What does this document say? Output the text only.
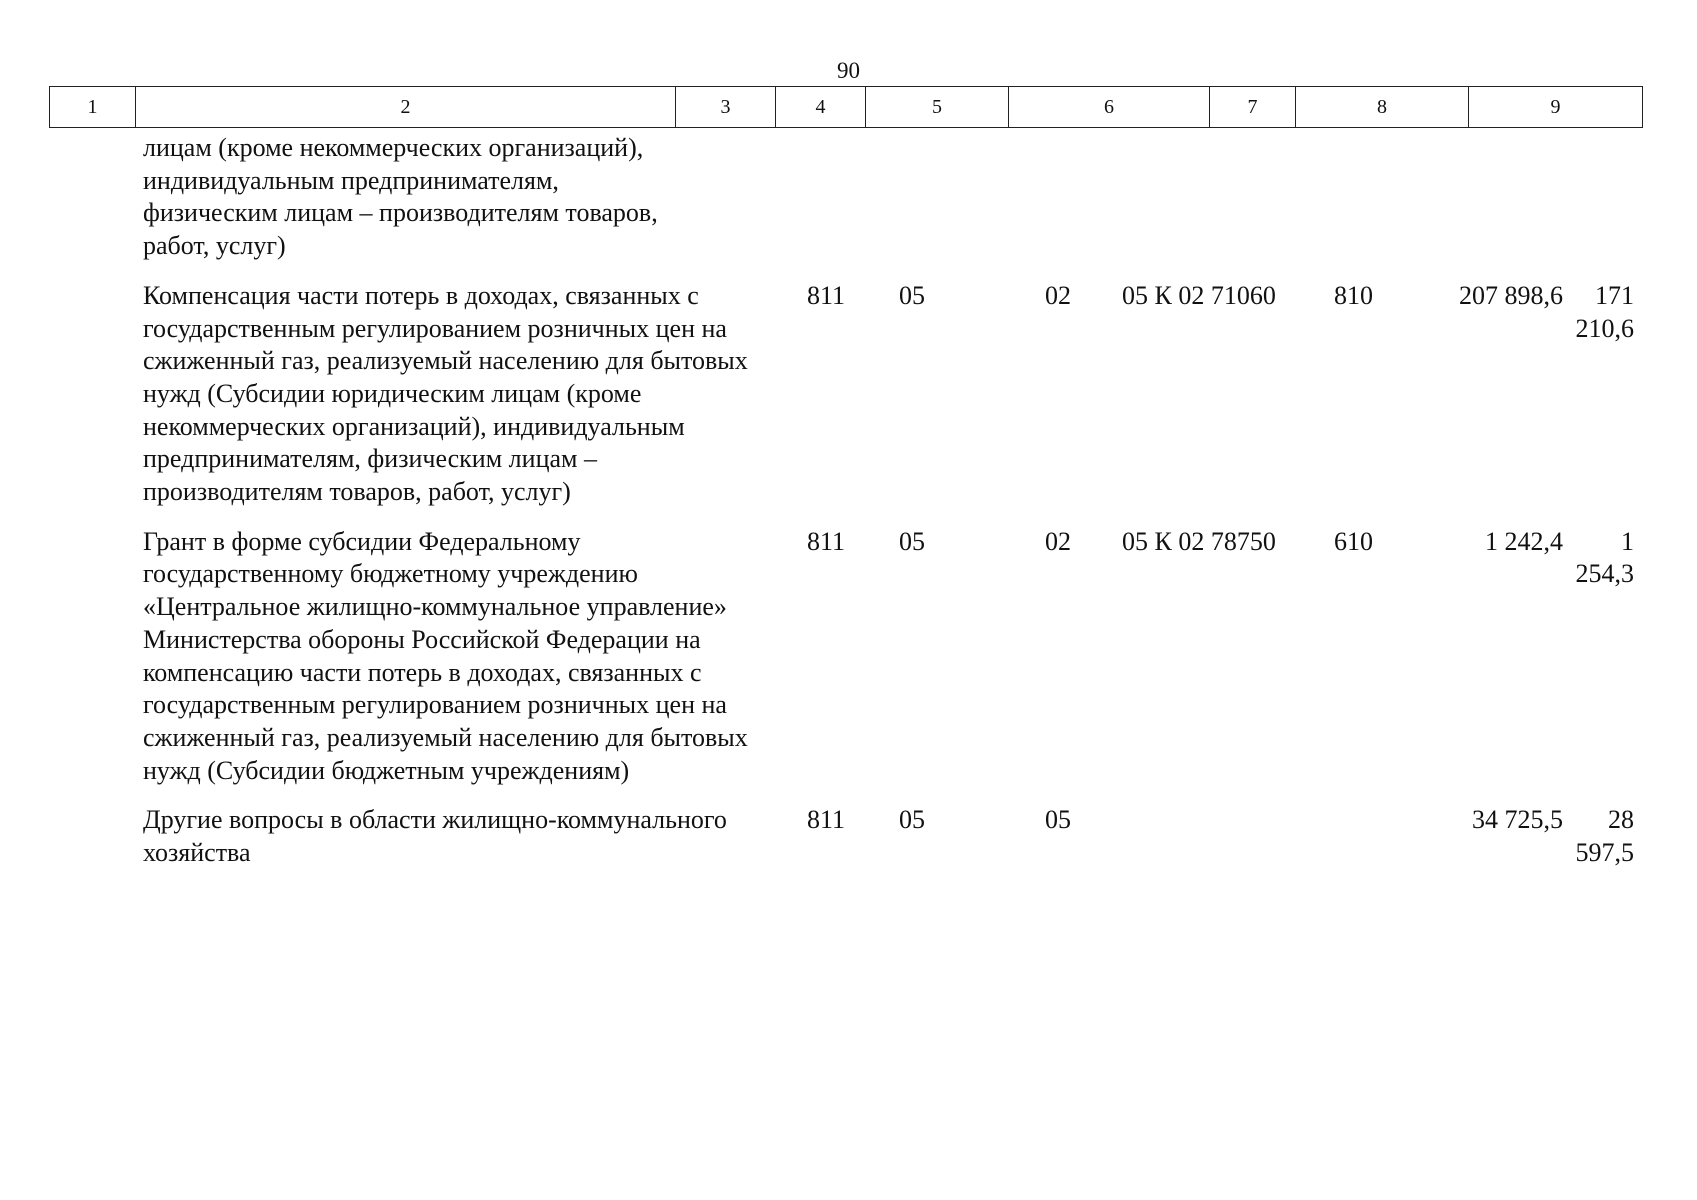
90
1	2	3	4	5	6	7	8	9
лицам (кроме некоммерческих организаций), индивидуальным предпринимателям, физическим лицам – производителям товаров, работ, услуг)							
Компенсация части потерь в доходах, связанных с государственным регулированием розничных цен на сжиженный газ, реализуемый населению для бытовых нужд (Субсидии юридическим лицам (кроме некоммерческих организаций), индивидуальным предпринимателям, физическим лицам – производителям товаров, работ, услуг)	811	05	02	05 К 02 71060	810	207 898,6	171 210,6
Грант в форме субсидии Федеральному государственному бюджетному учреждению «Центральное жилищно-коммунальное управление» Министерства обороны Российской Федерации на компенсацию части потерь в доходах, связанных с государственным регулированием розничных цен на сжиженный газ, реализуемый населению для бытовых нужд (Субсидии бюджетным учреждениям)	811	05	02	05 К 02 78750	610	1 242,4	1 254,3
Другие вопросы в области жилищно-коммунального хозяйства	811	05	05			34 725,5	28 597,5
